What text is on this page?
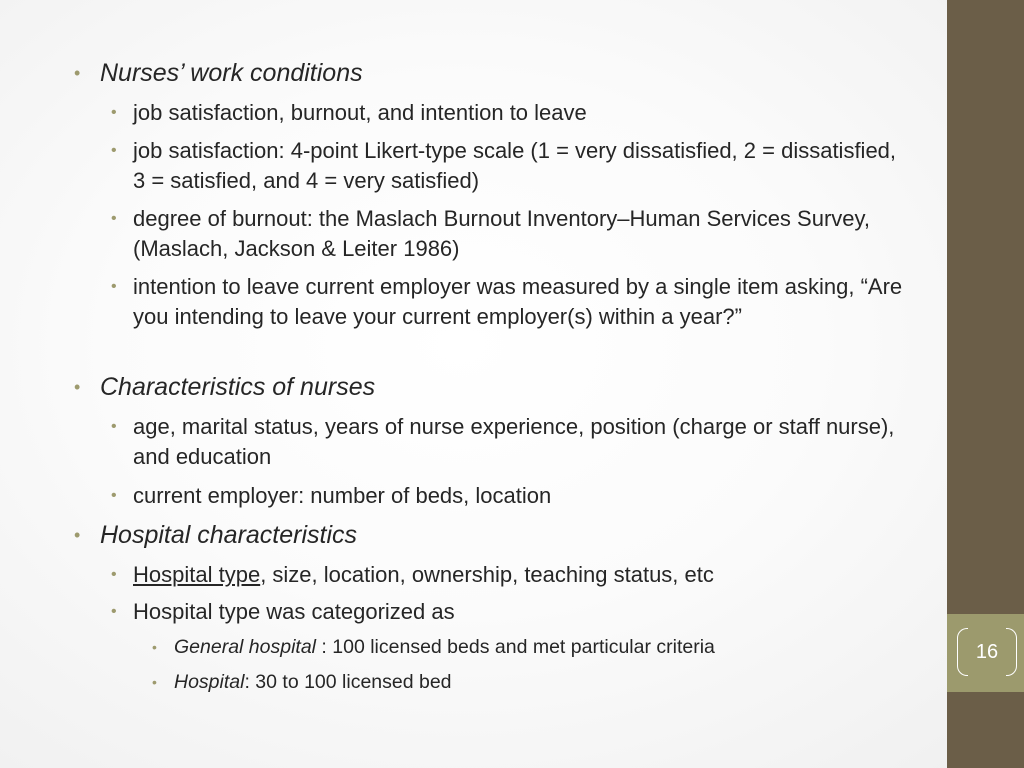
• Nurses’ work conditions
• job satisfaction, burnout, and intention to leave
• job satisfaction: 4-point Likert-type scale (1 = very dissatisfied, 2 = dissatisfied, 3 = satisfied, and 4 = very satisfied)
• degree of burnout: the Maslach Burnout Inventory–Human Services Survey, (Maslach, Jackson & Leiter 1986)
• intention to leave current employer was measured by a single item asking, “Are you intending to leave your current employer(s) within a year?”
• Characteristics of nurses
• age, marital status, years of nurse experience, position (charge or staff nurse), and education
• current employer: number of beds, location
• Hospital characteristics
• Hospital type, size, location, ownership, teaching status, etc
• Hospital type was categorized as
• General hospital : 100 licensed beds and met particular criteria
• Hospital: 30 to 100 licensed bed
16
